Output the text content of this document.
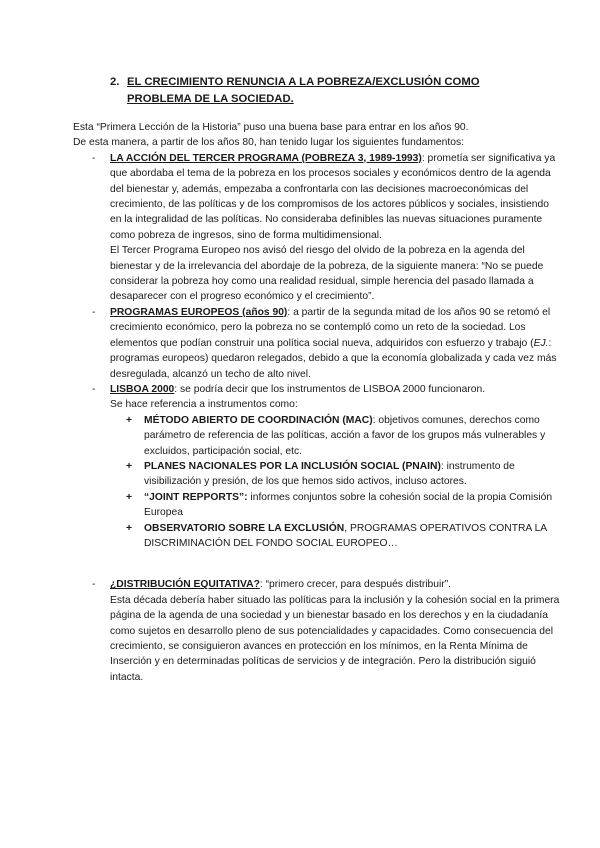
2. EL CRECIMIENTO RENUNCIA A LA POBREZA/EXCLUSIÓN COMO
PROBLEMA DE LA SOCIEDAD.

Esta “Primera Lección de la Historia” puso una buena base para entrar en los años 90.

De esta manera, a partir de los años 80, han tenido lugar los siguientes fundamentos:

- LA ACCIÓN DEL TERCER PROGRAMA (POBREZA 3, 1989-1993): prometía ser significativa ya que abordaba el tema de la pobreza en los procesos sociales y económicos dentro de la agenda del bienestar y, además, empezaba a confrontarla con las decisiones macroeconómicas del crecimiento, de las políticas y de los compromisos de los actores públicos y sociales, insistiendo en la integralidad de las políticas. No consideraba definibles las nuevas situaciones puramente como pobreza de ingresos, sino de forma multidimensional.

El Tercer Programa Europeo nos avisó del riesgo del olvido de la pobreza en la agenda del bienestar y de la irrelevancia del abordaje de la pobreza, de la siguiente manera: “No se puede considerar la pobreza hoy como una realidad residual, simple herencia del pasado llamada a desaparecer con el progreso económico y el crecimiento”.

- PROGRAMAS EUROPEOS (años 90): a partir de la segunda mitad de los años 90 se retomó el crecimiento económico, pero la pobreza no se contempló como un reto de la sociedad. Los elementos que podían construir una política social nueva, adquiridos con esfuerzo y trabajo (EJ.: programas europeos) quedaron relegados, debido a que la economía globalizada y cada vez más desregulada, alcanzó un techo de alto nivel.

- LISBOA 2000: se podría decir que los instrumentos de LISBOA 2000 funcionaron.

Se hace referencia a instrumentos como:

+ MÉTODO ABIERTO DE COORDINACIÓN (MAC): objetivos comunes, derechos como parámetro de referencia de las políticas, acción a favor de los grupos más vulnerables y excluidos, participación social, etc.
+ PLANES NACIONALES POR LA INCLUSIÓN SOCIAL (PNAIN): instrumento de visibilización y presión, de los que hemos sido activos, incluso actores.
+ “JOINT REPPORTS”: informes conjuntos sobre la cohesión social de la propia Comisión Europea
+ OBSERVATORIO SOBRE LA EXCLUSIÓN, PROGRAMAS OPERATIVOS CONTRA LA DISCRIMINACIÓN DEL FONDO SOCIAL EUROPEO…
- ¿DISTRIBUCIÓN EQUITATIVA?: “primero crecer, para después distribuir”.

Esta década debería haber situado las políticas para la inclusión y la cohesión social en la primera página de la agenda de una sociedad y un bienestar basado en los derechos y en la ciudadanía como sujetos en desarrollo pleno de sus potencialidades y capacidades. Como consecuencia del crecimiento, se consiguieron avances en protección en los mínimos, en la Renta Mínima de Inserción y en determinadas políticas de servicios y de integración. Pero la distribución siguió intacta.
